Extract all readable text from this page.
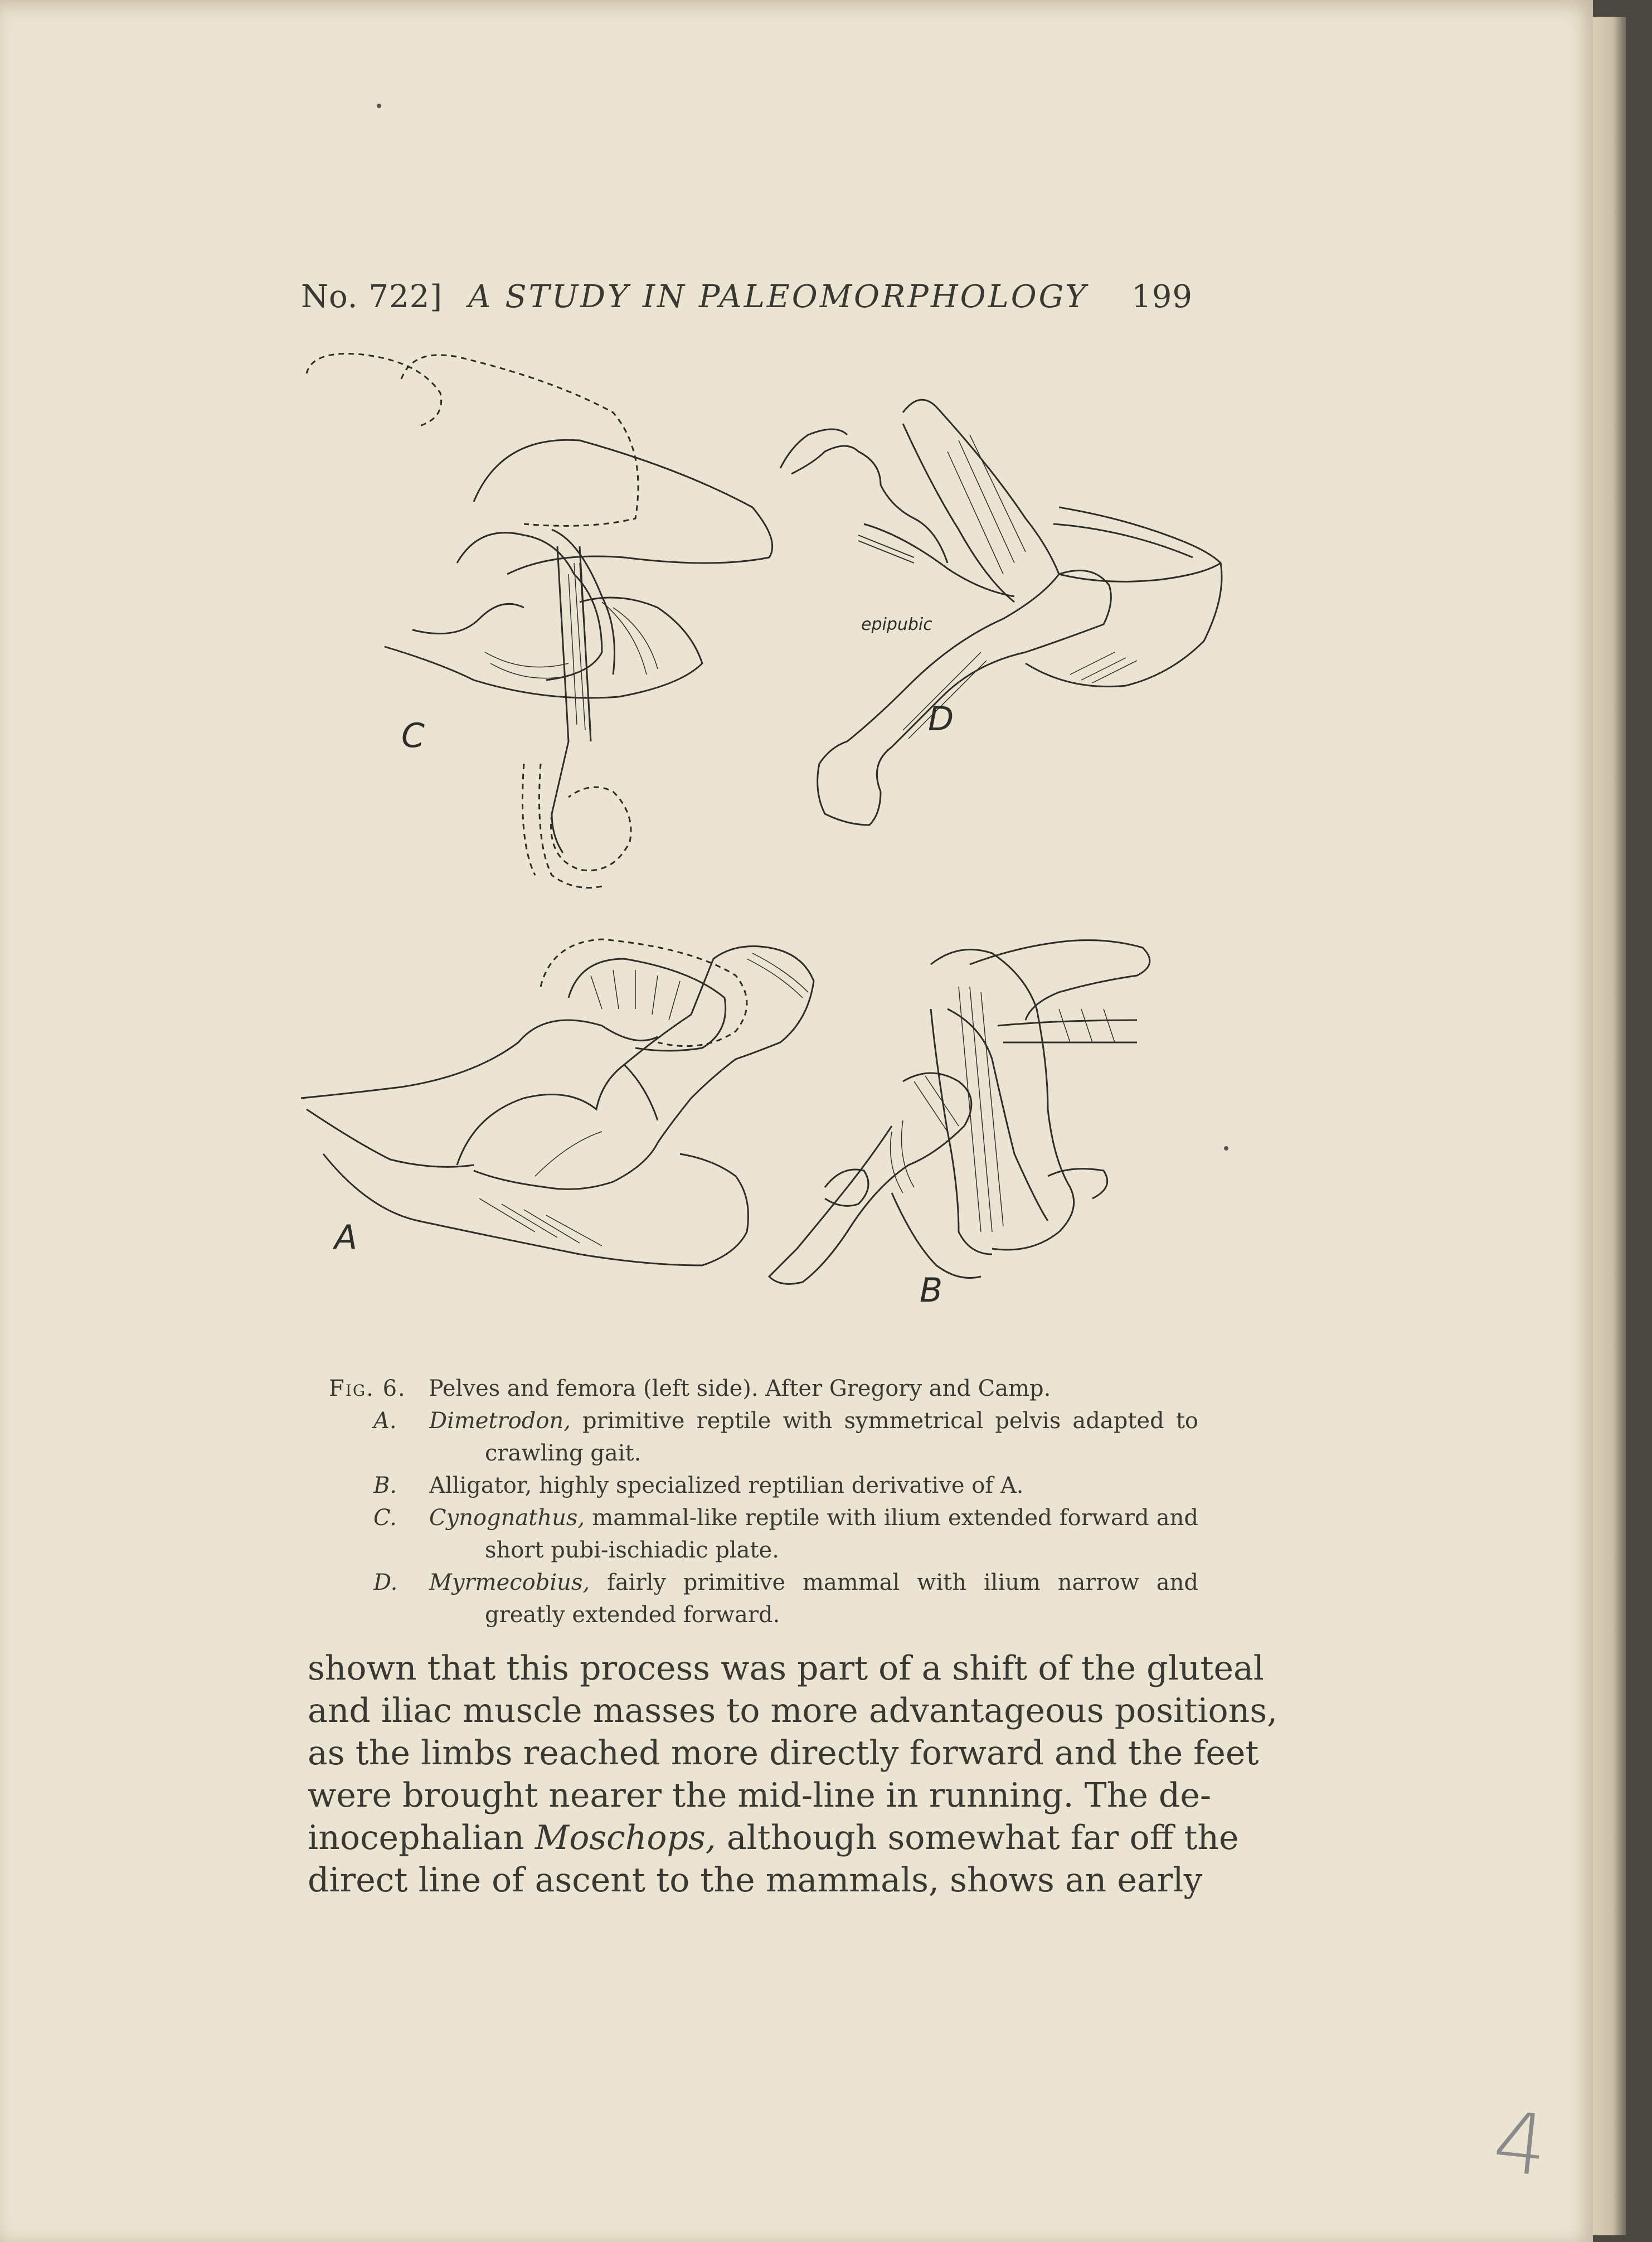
No. 722] A STUDY IN PALEOMORPHOLOGY 199
C	D
epipubic
A
B
Fig. 6. Pelves and femora (left side). After Gregory and Camp.
A. Dimetrodon, primitive reptile with symmetrical pelvis adapted to crawling gait.
B. Alligator, highly specialized reptilian derivative of A.
C. Cynognathus, mammal-like reptile with ilium extended forward and short pubi-ischiadic plate.
D. Myrmecobius, fairly primitive mammal with ilium narrow and greatly extended forward.
shown that this process was part of a shift of the gluteal
and iliac muscle masses to more advantageous positions,
as the limbs reached more directly forward and the feet
were brought nearer the mid-line in running. The de-
inocephalian Moschops, although somewhat far off the
direct line of ascent to the mammals, shows an early
4
